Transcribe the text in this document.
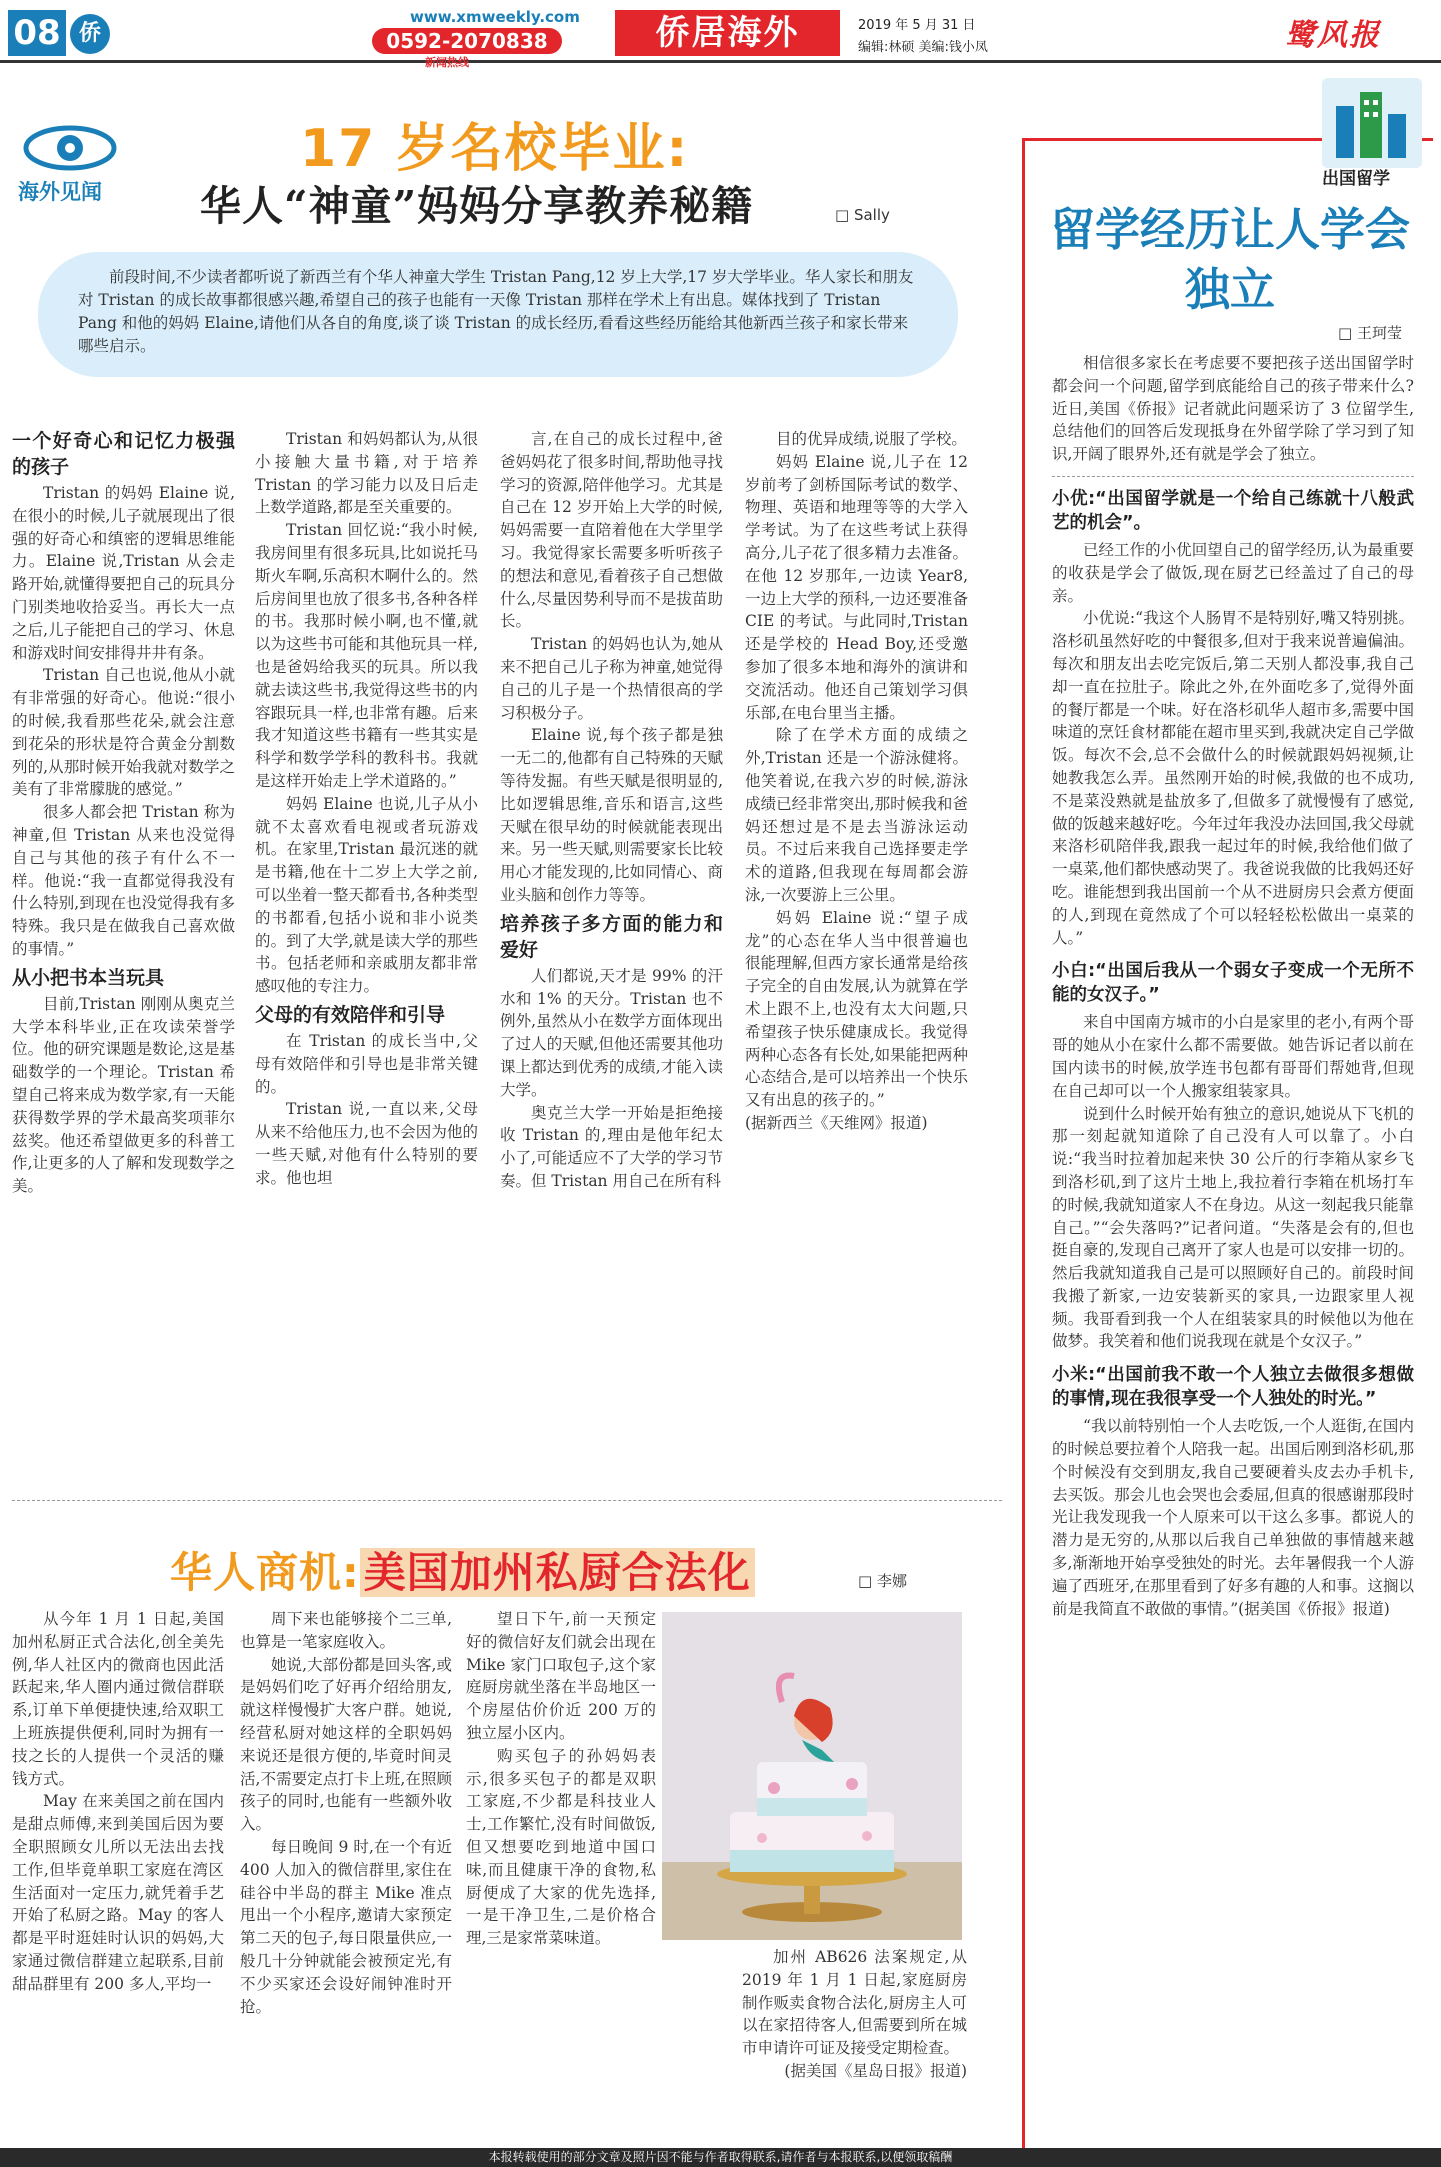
08 侨
www.xmweekly.com
0592-2070838
新闻热线
侨居海外	2019 年 5 月 31 日
编辑:林硕 美编:钱小凤	鹭风报
海外见闻
17 岁名校毕业:
华人“神童”妈妈分享教养秘籍	□ Sally
前段时间,不少读者都听说了新西兰有个华人神童大学生 Tristan Pang,12 岁上大学,17 岁大学毕业。华人家长和朋友对 Tristan 的成长故事都很感兴趣,希望自己的孩子也能有一天像 Tristan 那样在学术上有出息。媒体找到了 Tristan Pang 和他的妈妈 Elaine,请他们从各自的角度,谈了谈 Tristan 的成长经历,看看这些经历能给其他新西兰孩子和家长带来哪些启示。
一个好奇心和记忆力极强的孩子

Tristan 的妈妈 Elaine 说,在很小的时候,儿子就展现出了很强的好奇心和缜密的逻辑思维能力。Elaine 说,Tristan 从会走路开始,就懂得要把自己的玩具分门别类地收拾妥当。再长大一点之后,儿子能把自己的学习、休息和游戏时间安排得井井有条。

Tristan 自己也说,他从小就有非常强的好奇心。他说:“很小的时候,我看那些花朵,就会注意到花朵的形状是符合黄金分割数列的,从那时候开始我就对数学之美有了非常朦胧的感觉。”

很多人都会把 Tristan 称为神童,但 Tristan 从来也没觉得自己与其他的孩子有什么不一样。他说:“我一直都觉得我没有什么特别,到现在也没觉得我有多特殊。我只是在做我自己喜欢做的事情。”

从小把书本当玩具

目前,Tristan 刚刚从奥克兰大学本科毕业,正在攻读荣誉学位。他的研究课题是数论,这是基础数学的一个理论。Tristan 希望自己将来成为数学家,有一天能获得数学界的学术最高奖项菲尔兹奖。他还希望做更多的科普工作,让更多的人了解和发现数学之美。

Tristan 和妈妈都认为,从很小接触大量书籍,对于培养 Tristan 的学习能力以及日后走上数学道路,都是至关重要的。

Tristan 回忆说:“我小时候,我房间里有很多玩具,比如说托马斯火车啊,乐高积木啊什么的。然后房间里也放了很多书,各种各样的书。我那时候小啊,也不懂,就以为这些书可能和其他玩具一样,也是爸妈给我买的玩具。所以我就去读这些书,我觉得这些书的内容跟玩具一样,也非常有趣。后来我才知道这些书籍有一些其实是科学和数学学科的教科书。我就是这样开始走上学术道路的。”

妈妈 Elaine 也说,儿子从小就不太喜欢看电视或者玩游戏机。在家里,Tristan 最沉迷的就是书籍,他在十二岁上大学之前,可以坐着一整天都看书,各种类型的书都看,包括小说和非小说类的。到了大学,就是读大学的那些书。包括老师和亲戚朋友都非常感叹他的专注力。

父母的有效陪伴和引导

在 Tristan 的成长当中,父母有效陪伴和引导也是非常关键的。

Tristan 说,一直以来,父母从来不给他压力,也不会因为他的一些天赋,对他有什么特别的要求。他也坦

言,在自己的成长过程中,爸爸妈妈花了很多时间,帮助他寻找学习的资源,陪伴他学习。尤其是自己在 12 岁开始上大学的时候,妈妈需要一直陪着他在大学里学习。我觉得家长需要多听听孩子的想法和意见,看着孩子自己想做什么,尽量因势利导而不是拔苗助长。

Tristan 的妈妈也认为,她从来不把自己儿子称为神童,她觉得自己的儿子是一个热情很高的学习积极分子。

Elaine 说,每个孩子都是独一无二的,他都有自己特殊的天赋等待发掘。有些天赋是很明显的,比如逻辑思维,音乐和语言,这些天赋在很早幼的时候就能表现出来。另一些天赋,则需要家长比较用心才能发现的,比如同情心、商业头脑和创作力等等。

培养孩子多方面的能力和爱好

人们都说,天才是 99% 的汗水和 1% 的天分。Tristan 也不例外,虽然从小在数学方面体现出了过人的天赋,但他还需要其他功课上都达到优秀的成绩,才能入读大学。

奥克兰大学一开始是拒绝接收 Tristan 的,理由是他年纪太小了,可能适应不了大学的学习节奏。但 Tristan 用自己在所有科

目的优异成绩,说服了学校。

妈妈 Elaine 说,儿子在 12 岁前考了剑桥国际考试的数学、物理、英语和地理等等的大学入学考试。为了在这些考试上获得高分,儿子花了很多精力去准备。在他 12 岁那年,一边读 Year8,一边上大学的预科,一边还要准备 CIE 的考试。与此同时,Tristan 还是学校的 Head Boy,还受邀参加了很多本地和海外的演讲和交流活动。他还自己策划学习俱乐部,在电台里当主播。

除了在学术方面的成绩之外,Tristan 还是一个游泳健将。他笑着说,在我六岁的时候,游泳成绩已经非常突出,那时候我和爸妈还想过是不是去当游泳运动员。不过后来我自己选择要走学术的道路,但我现在每周都会游泳,一次要游上三公里。

妈妈 Elaine 说:“望子成龙”的心态在华人当中很普遍也很能理解,但西方家长通常是给孩子完全的自由发展,认为就算在学术上跟不上,也没有太大问题,只希望孩子快乐健康成长。我觉得两种心态各有长处,如果能把两种心态结合,是可以培养出一个快乐又有出息的孩子的。”

(据新西兰《天维网》报道)

出国留学
留学经历让人学会独立
□ 王珂莹

相信很多家长在考虑要不要把孩子送出国留学时都会问一个问题,留学到底能给自己的孩子带来什么?近日,美国《侨报》记者就此问题采访了 3 位留学生,总结他们的回答后发现抵身在外留学除了学习到了知识,开阔了眼界外,还有就是学会了独立。

小优:“出国留学就是一个给自己练就十八般武艺的机会”。

已经工作的小优回望自己的留学经历,认为最重要的收获是学会了做饭,现在厨艺已经盖过了自己的母亲。

小优说:“我这个人肠胃不是特别好,嘴又特别挑。洛杉矶虽然好吃的中餐很多,但对于我来说普遍偏油。每次和朋友出去吃完饭后,第二天别人都没事,我自己却一直在拉肚子。除此之外,在外面吃多了,觉得外面的餐厅都是一个味。好在洛杉矶华人超市多,需要中国味道的烹饪食材都能在超市里买到,我就决定自己学做饭。每次不会,总不会做什么的时候就跟妈妈视频,让她教我怎么弄。虽然刚开始的时候,我做的也不成功,不是菜没熟就是盐放多了,但做多了就慢慢有了感觉,做的饭越来越好吃。今年过年我没办法回国,我父母就来洛杉矶陪伴我,跟我一起过年的时候,我给他们做了一桌菜,他们都快感动哭了。我爸说我做的比我妈还好吃。谁能想到我出国前一个从不进厨房只会煮方便面的人,到现在竟然成了个可以轻轻松松做出一桌菜的人。”

小白:“出国后我从一个弱女子变成一个无所不能的女汉子。”

来自中国南方城市的小白是家里的老小,有两个哥哥的她从小在家什么都不需要做。她告诉记者以前在国内读书的时候,放学连书包都有哥哥们帮她背,但现在自己却可以一个人搬家组装家具。

说到什么时候开始有独立的意识,她说从下飞机的那一刻起就知道除了自己没有人可以靠了。小白说:“我当时拉着加起来快 30 公斤的行李箱从家乡飞到洛杉矶,到了这片土地上,我拉着行李箱在机场打车的时候,我就知道家人不在身边。从这一刻起我只能靠自己。”“会失落吗?”记者问道。“失落是会有的,但也挺自豪的,发现自己离开了家人也是可以安排一切的。然后我就知道我自己是可以照顾好自己的。前段时间我搬了新家,一边安装新买的家具,一边跟家里人视频。我哥看到我一个人在组装家具的时候他以为他在做梦。我笑着和他们说我现在就是个女汉子。”

小米:“出国前我不敢一个人独立去做很多想做的事情,现在我很享受一个人独处的时光。”

“我以前特别怕一个人去吃饭,一个人逛街,在国内的时候总要拉着个人陪我一起。出国后刚到洛杉矶,那个时候没有交到朋友,我自己要硬着头皮去办手机卡,去买饭。那会儿也会哭也会委屈,但真的很感谢那段时光让我发现我一个人原来可以干这么多事。都说人的潜力是无穷的,从那以后我自己单独做的事情越来越多,渐渐地开始享受独处的时光。去年暑假我一个人游遍了西班牙,在那里看到了好多有趣的人和事。这搁以前是我简直不敢做的事情。”(据美国《侨报》报道)

华人商机:美国加州私厨合法化	□ 李娜

从今年 1 月 1 日起,美国加州私厨正式合法化,创全美先例,华人社区内的微商也因此活跃起来,华人圈内通过微信群联系,订单下单便捷快速,给双职工上班族提供便利,同时为拥有一技之长的人提供一个灵活的赚钱方式。

May 在来美国之前在国内是甜点师傅,来到美国后因为要全职照顾女儿所以无法出去找工作,但毕竟单职工家庭在湾区生活面对一定压力,就凭着手艺开始了私厨之路。May 的客人都是平时逛娃时认识的妈妈,大家通过微信群建立起联系,目前甜品群里有 200 多人,平均一

周下来也能够接个二三单,也算是一笔家庭收入。

她说,大部份都是回头客,或是妈妈们吃了好再介绍给朋友,就这样慢慢扩大客户群。她说,经营私厨对她这样的全职妈妈来说还是很方便的,毕竟时间灵活,不需要定点打卡上班,在照顾孩子的同时,也能有一些额外收入。

每日晚间 9 时,在一个有近 400 人加入的微信群里,家住在硅谷中半岛的群主 Mike 准点甩出一个小程序,邀请大家预定第二天的包子,每日限量供应,一般几十分钟就能会被预定光,有不少买家还会设好闹钟准时开抢。

望日下午,前一天预定好的微信好友们就会出现在 Mike 家门口取包子,这个家庭厨房就坐落在半岛地区一个房屋估价价近 200 万的独立屋小区内。

购买包子的孙妈妈表示,很多买包子的都是双职工家庭,不少都是科技业人士,工作繁忙,没有时间做饭,但又想要吃到地道中国口味,而且健康干净的食物,私厨便成了大家的优先选择,一是干净卫生,二是价格合理,三是家常菜味道。

加州 AB626 法案规定,从 2019 年 1 月 1 日起,家庭厨房制作贩卖食物合法化,厨房主人可以在家招待客人,但需要到所在城市申请许可证及接受定期检查。

(据美国《星岛日报》报道)

本报转载使用的部分文章及照片因不能与作者取得联系,请作者与本报联系,以便领取稿酬
